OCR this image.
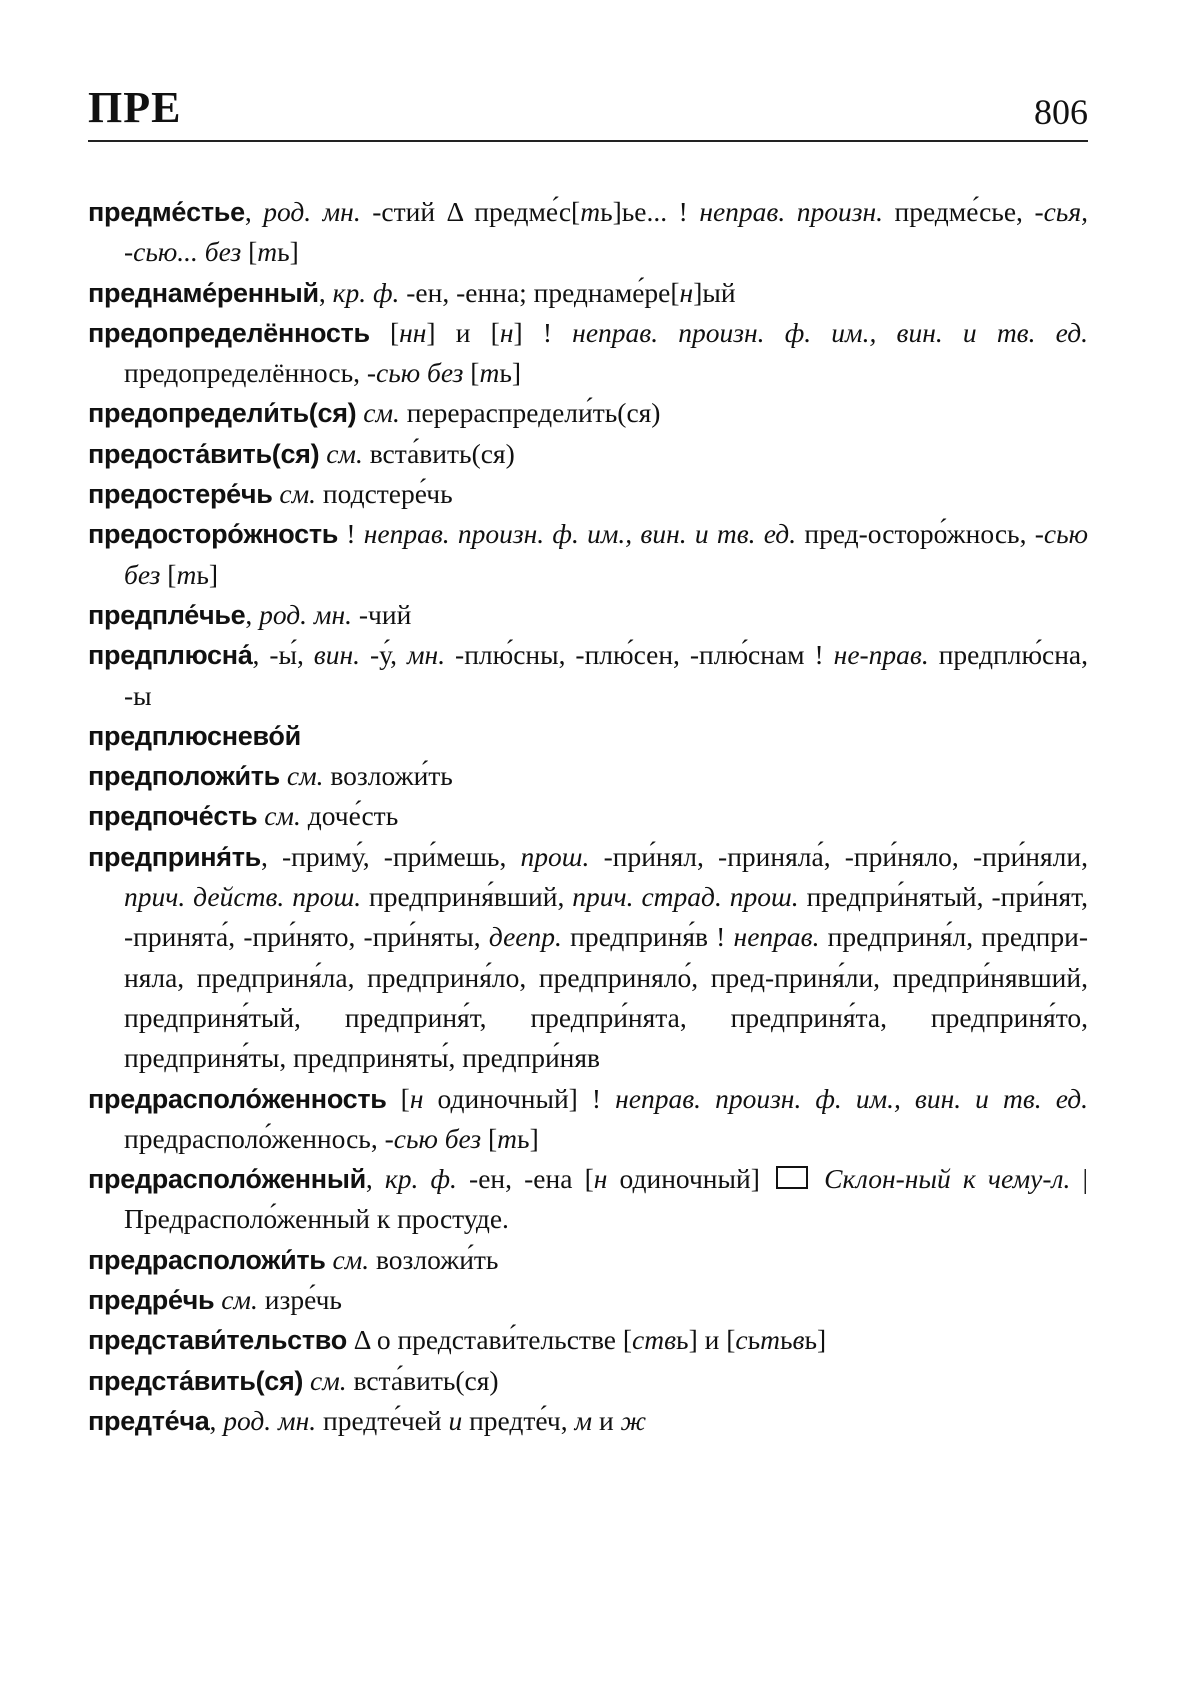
ПРЕ	806
предме́стье, род. мн. -стий Δ предме́с[ть]ье... ! неправ. произн. предме́сье, -сья, -сью... без [ть]
преднаме́ренный, кр. ф. -ен, -енна; преднаме́ре[н]ый
предопределённость [нн] и [н] ! неправ. произн. ф. им., вин. и тв. ед. предопределённось, -сью без [ть]
предопредели́ть(ся) см. перераспредели́ть(ся)
предоста́вить(ся) см. вста́вить(ся)
предостере́чь см. подстере́чь
предосторо́жность ! неправ. произн. ф. им., вин. и тв. ед. пред-осторо́жнось, -сью без [ть]
предпле́чье, род. мн. -чий
предплюсна́, -ы́, вин. -у́, мн. -плю́сны, -плю́сен, -плю́снам ! не-прав. предплю́сна, -ы
предплюснево́й
предположи́ть см. возложи́ть
предпоче́сть см. доче́сть
предприня́ть, -приму́, -при́мешь, прош. -при́нял, -приняла́, -при́няло, -при́няли, прич. действ. прош. предприня́вший, прич. страд. прош. предпри́нятый, -при́нят, -принята́, -при́нято, -при́няты, деепр. предприня́в ! неправ. предприня́л, предпри-няла, предприня́ла, предприня́ло, предприняло́, пред-приня́ли, предпри́нявший, предприня́тый, предприня́т, предпри́нята, предприня́та, предприня́то, предприня́ты, предприняты́, предпри́няв
предрасполо́женность [н одиночный] ! неправ. произн. ф. им., вин. и тв. ед. предрасполо́женнось, -сью без [ть]
предрасполо́женный, кр. ф. -ен, -ена [н одиночный]  Склон-ный к чему-л. | Предрасполо́женный к простуде.
предрасположи́ть см. возложи́ть
предре́чь см. изре́чь
представи́тельство Δ о представи́тельстве [ствь] и [сьтьвь]
предста́вить(ся) см. вста́вить(ся)
предте́ча, род. мн. предте́чей и предте́ч, м и ж
